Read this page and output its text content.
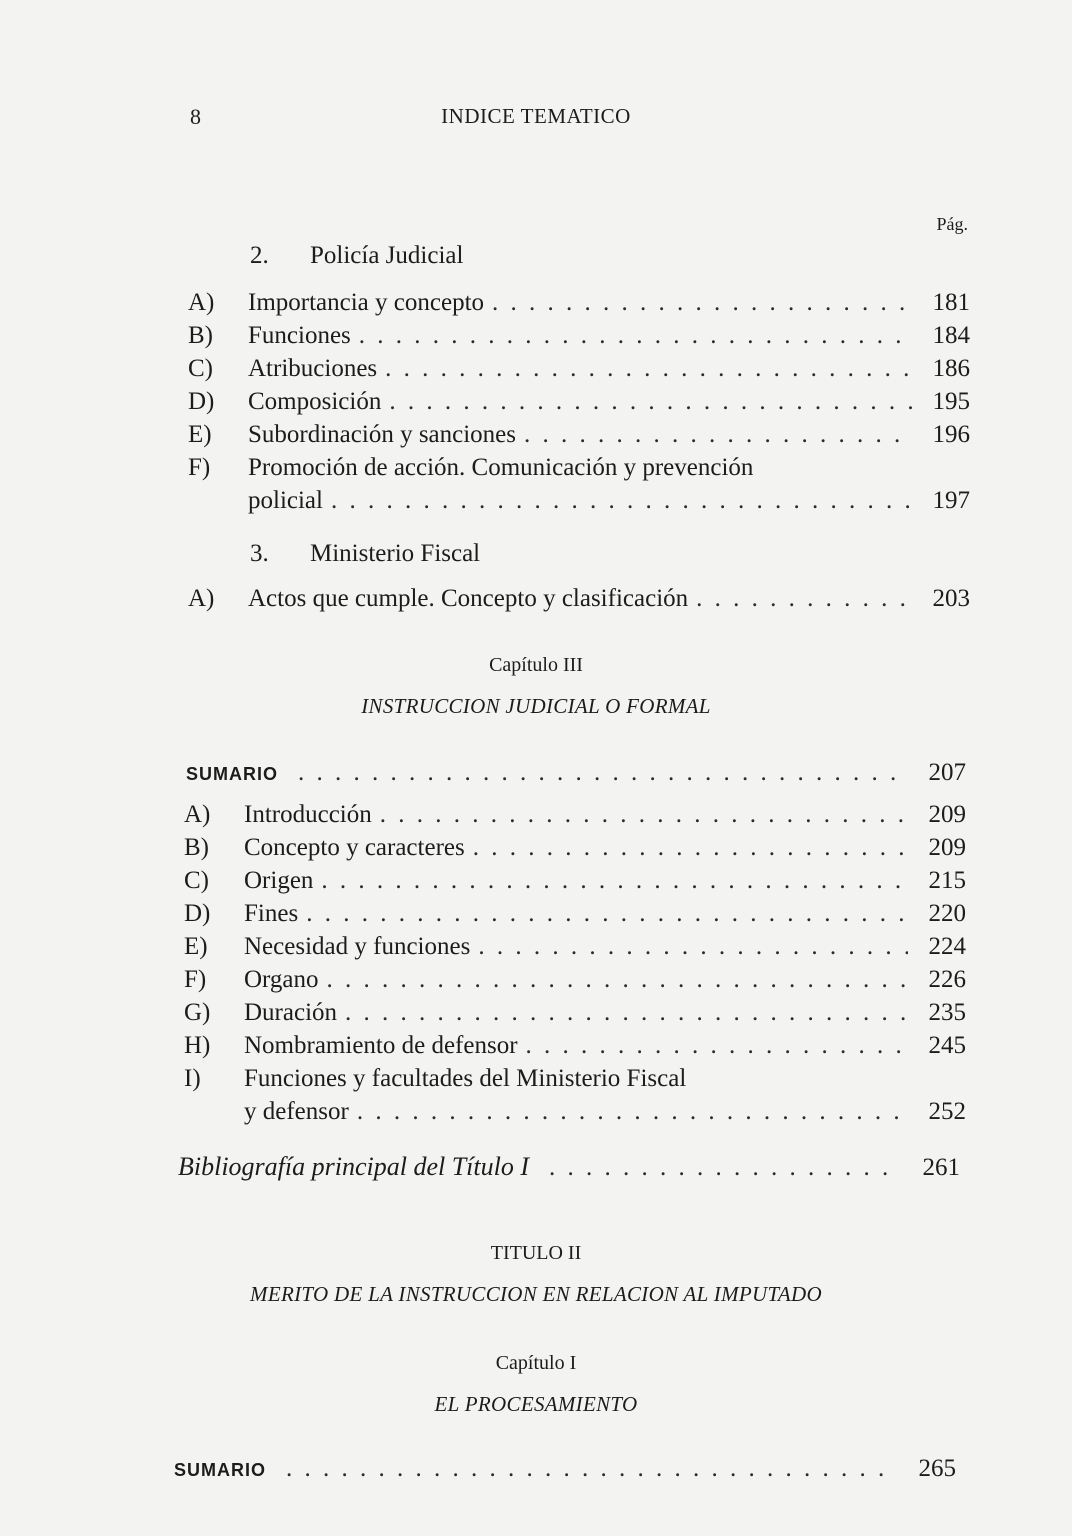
8	INDICE TEMATICO
Pág.
2. Policía Judicial
A)	Importancia y concepto . . .	181
B)	Funciones . . .	184
C)	Atribuciones . . .	186
D)	Composición . . .	195
E)	Subordinación y sanciones . . .	196
F)	Promoción de acción. Comunicación y prevención
policial . . .	197
3. Ministerio Fiscal
A)	Actos que cumple. Concepto y clasificación . . .	203
Capítulo III
INSTRUCCION JUDICIAL O FORMAL
SUMARIO . . .	207
A)	Introducción . . .	209
B)	Concepto y caracteres . . .	209
C)	Origen . . .	215
D)	Fines . . .	220
E)	Necesidad y funciones . . .	224
F)	Organo . . .	226
G)	Duración . . .	235
H)	Nombramiento de defensor . . .	245
I)	Funciones y facultades del Ministerio Fiscal
y defensor . . .	252
Bibliografía principal del Título I . . .	261
TITULO II
MERITO DE LA INSTRUCCION EN RELACION AL IMPUTADO
Capítulo I
EL PROCESAMIENTO
SUMARIO . . .	265
